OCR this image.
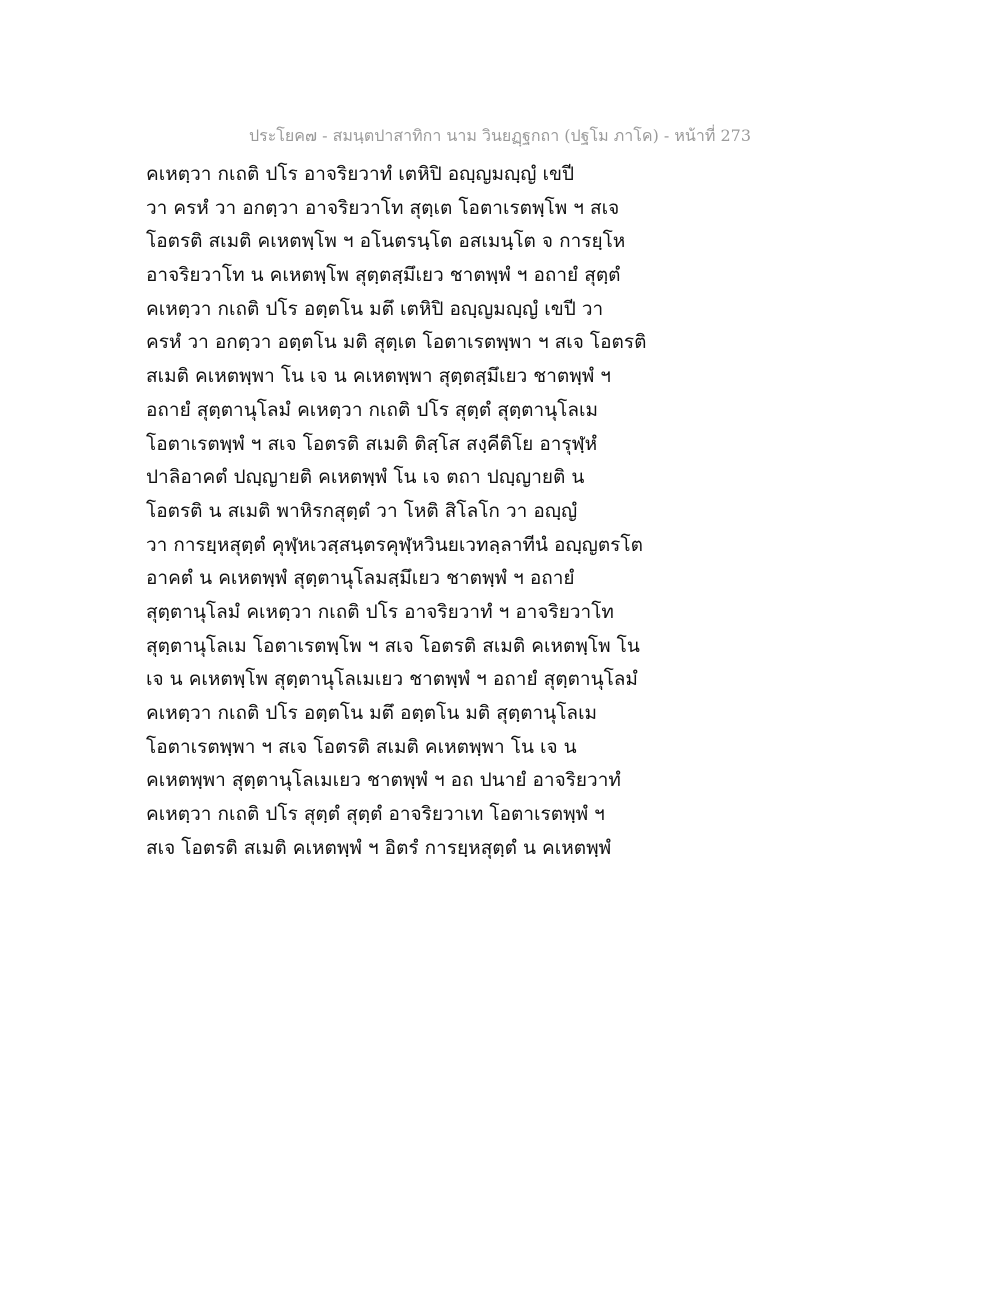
ประโยค๗ - สมนฺตปาสาทิกา นาม วินยฏฺฐกถา (ปฐโม ภาโค) - หน้าที่ 273
คเหตฺวา กเถติ ปโร อาจริยวาทํ เตหิปิ อญฺญมญฺญํ เขปี
วา ครหํ วา อกตฺวา อาจริยวาโท สุตฺเต โอตาเรตพฺโพ ฯ สเจ
โอตรติ สเมติ คเหตพฺโพ ฯ อโนตรนฺโต อสเมนฺโต จ การยฺโห
อาจริยวาโท น คเหตพฺโพ สุตฺตสฺมึเยว ชาตพฺพํ ฯ อถายํ สุตฺตํ
คเหตฺวา กเถติ ปโร อตฺตโน มตึ เตหิปิ อญฺญมญฺญํ เขปี วา
ครหํ วา อกตฺวา อตฺตโน มติ สุตฺเต โอตาเรตพฺพา ฯ สเจ โอตรติ
สเมติ คเหตพฺพา โน เจ น คเหตพฺพา สุตฺตสฺมึเยว ชาตพฺพํ ฯ
อถายํ สุตฺตานุโลมํ คเหตฺวา กเถติ ปโร สุตฺตํ สุตฺตานุโลเม
โอตาเรตพฺพํ ฯ สเจ โอตรติ สเมติ ติสฺโส สงฺคีติโย อารุฬฺหํ
ปาลิอาคตํ ปญฺญายติ คเหตพฺพํ โน เจ ตถา ปญฺญายติ น
โอตรติ น สเมติ พาหิรกสุตฺตํ วา โหติ สิโลโก วา อญฺญํ
วา การยฺหสุตฺตํ คุฬฺหเวสฺสนฺตรคุฬฺหวินยเวทลฺลาทีนํ อญฺญตรโต
อาคตํ น คเหตพฺพํ สุตฺตานุโลมสฺมึเยว ชาตพฺพํ ฯ อถายํ
สุตฺตานุโลมํ คเหตฺวา กเถติ ปโร อาจริยวาทํ ฯ อาจริยวาโท
สุตฺตานุโลเม โอตาเรตพฺโพ ฯ สเจ โอตรติ สเมติ คเหตพฺโพ โน
เจ น คเหตพฺโพ สุตฺตานุโลเมเยว ชาตพฺพํ ฯ อถายํ สุตฺตานุโลมํ
คเหตฺวา กเถติ ปโร อตฺตโน มตึ อตฺตโน มติ สุตฺตานุโลเม
โอตาเรตพฺพา ฯ สเจ โอตรติ สเมติ คเหตพฺพา โน เจ น
คเหตพฺพา สุตฺตานุโลเมเยว ชาตพฺพํ ฯ อถ ปนายํ อาจริยวาทํ
คเหตฺวา กเถติ ปโร สุตฺตํ สุตฺตํ อาจริยวาเท โอตาเรตพฺพํ ฯ
สเจ โอตรติ สเมติ คเหตพฺพํ ฯ อิตรํ การยฺหสุตฺตํ น คเหตพฺพํ
